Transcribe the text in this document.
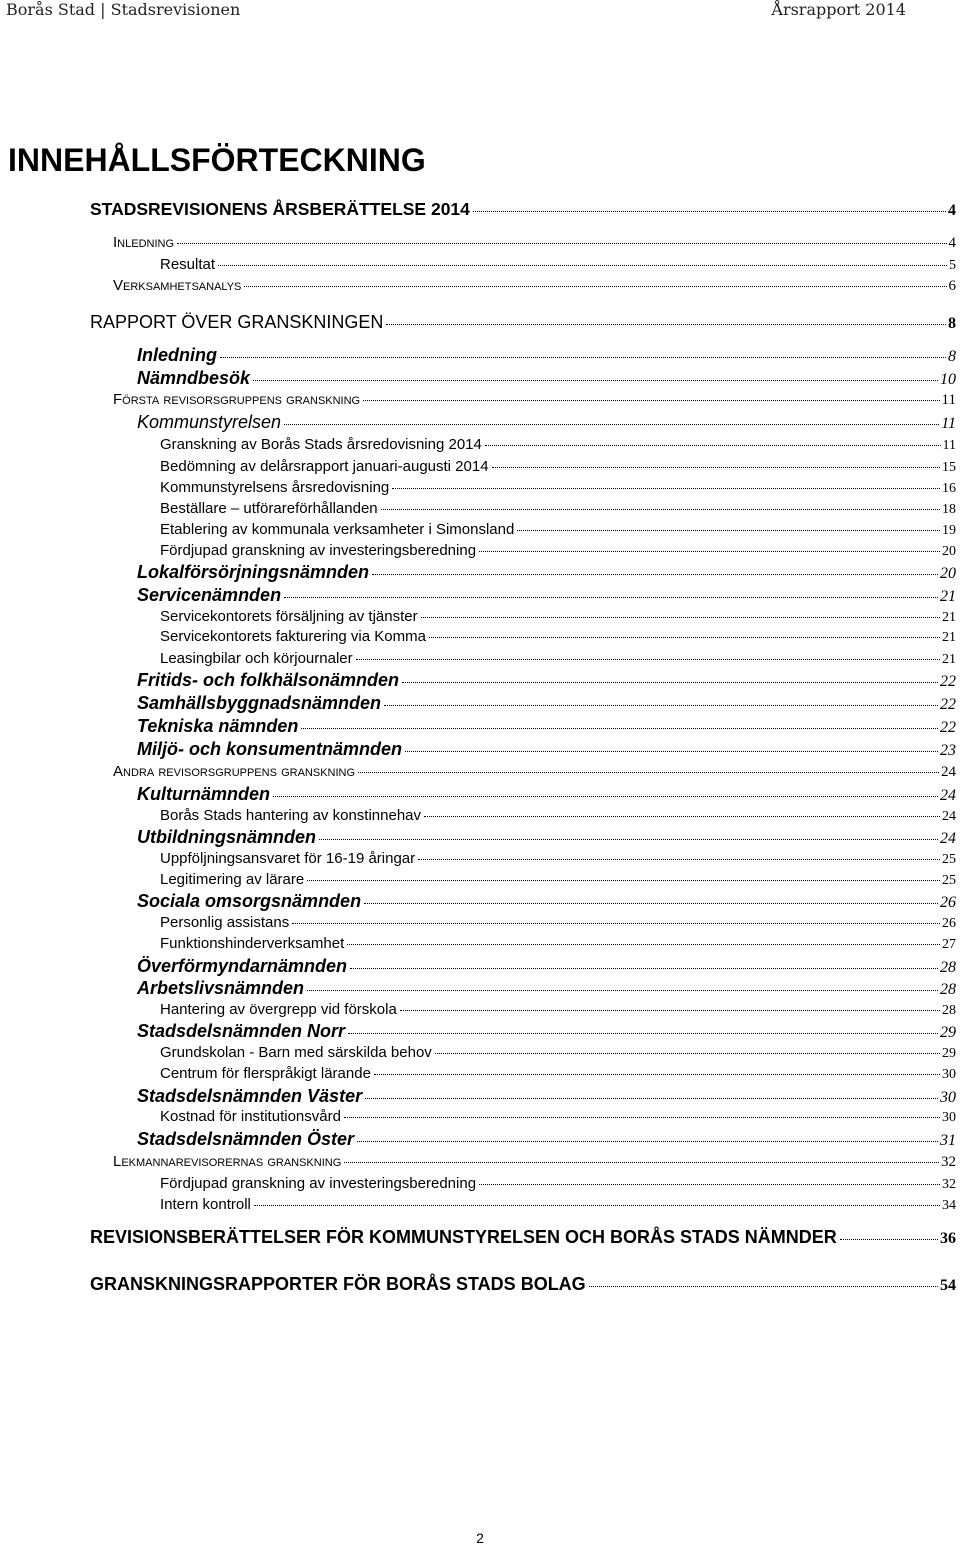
Borås Stad | Stadsrevisionen	Årsrapport 2014
INNEHÅLLSFÖRTECKNING
STADSREVISIONENS ÅRSBERÄTTELSE 2014	4
Inledning	4
Resultat	5
Verksamhetsanalys	6
RAPPORT ÖVER GRANSKNINGEN	8
Inledning	8
Nämndbesök	10
Första revisorsgruppens granskning	11
Kommunstyrelsen	11
Granskning av Borås Stads årsredovisning 2014	11
Bedömning av delårsrapport januari-augusti 2014	15
Kommunstyrelsens årsredovisning	16
Beställare – utförareförhållanden	18
Etablering av kommunala verksamheter i Simonsland	19
Fördjupad granskning av investeringsberedning	20
Lokalförsörjningsnämnden	20
Servicenämnden	21
Servicekontorets försäljning av tjänster	21
Servicekontorets fakturering via Komma	21
Leasingbilar och körjournaler	21
Fritids- och folkhälsonämnden	22
Samhällsbyggnadsnämnden	22
Tekniska nämnden	22
Miljö- och konsumentnämnden	23
Andra revisorsgruppens granskning	24
Kulturnämnden	24
Borås Stads hantering av konstinnehav	24
Utbildningsnämnden	24
Uppföljningsansvaret för 16-19 åringar	25
Legitimering av lärare	25
Sociala omsorgsnämnden	26
Personlig assistans	26
Funktionshinderverksamhet	27
Överförmyndarnämnden	28
Arbetslivsnämnden	28
Hantering av övergrepp vid förskola	28
Stadsdelsnämnden Norr	29
Grundskolan - Barn med särskilda behov	29
Centrum för flerspråkigt lärande	30
Stadsdelsnämnden Väster	30
Kostnad för institutionsvård	30
Stadsdelsnämnden Öster	31
Lekmannarevisorernas granskning	32
Fördjupad granskning av investeringsberedning	32
Intern kontroll	34
REVISIONSBERÄTTELSER FÖR KOMMUNSTYRELSEN OCH BORÅS STADS NÄMNDER	36
GRANSKNINGSRAPPORTER FÖR BORÅS STADS BOLAG	54
2
